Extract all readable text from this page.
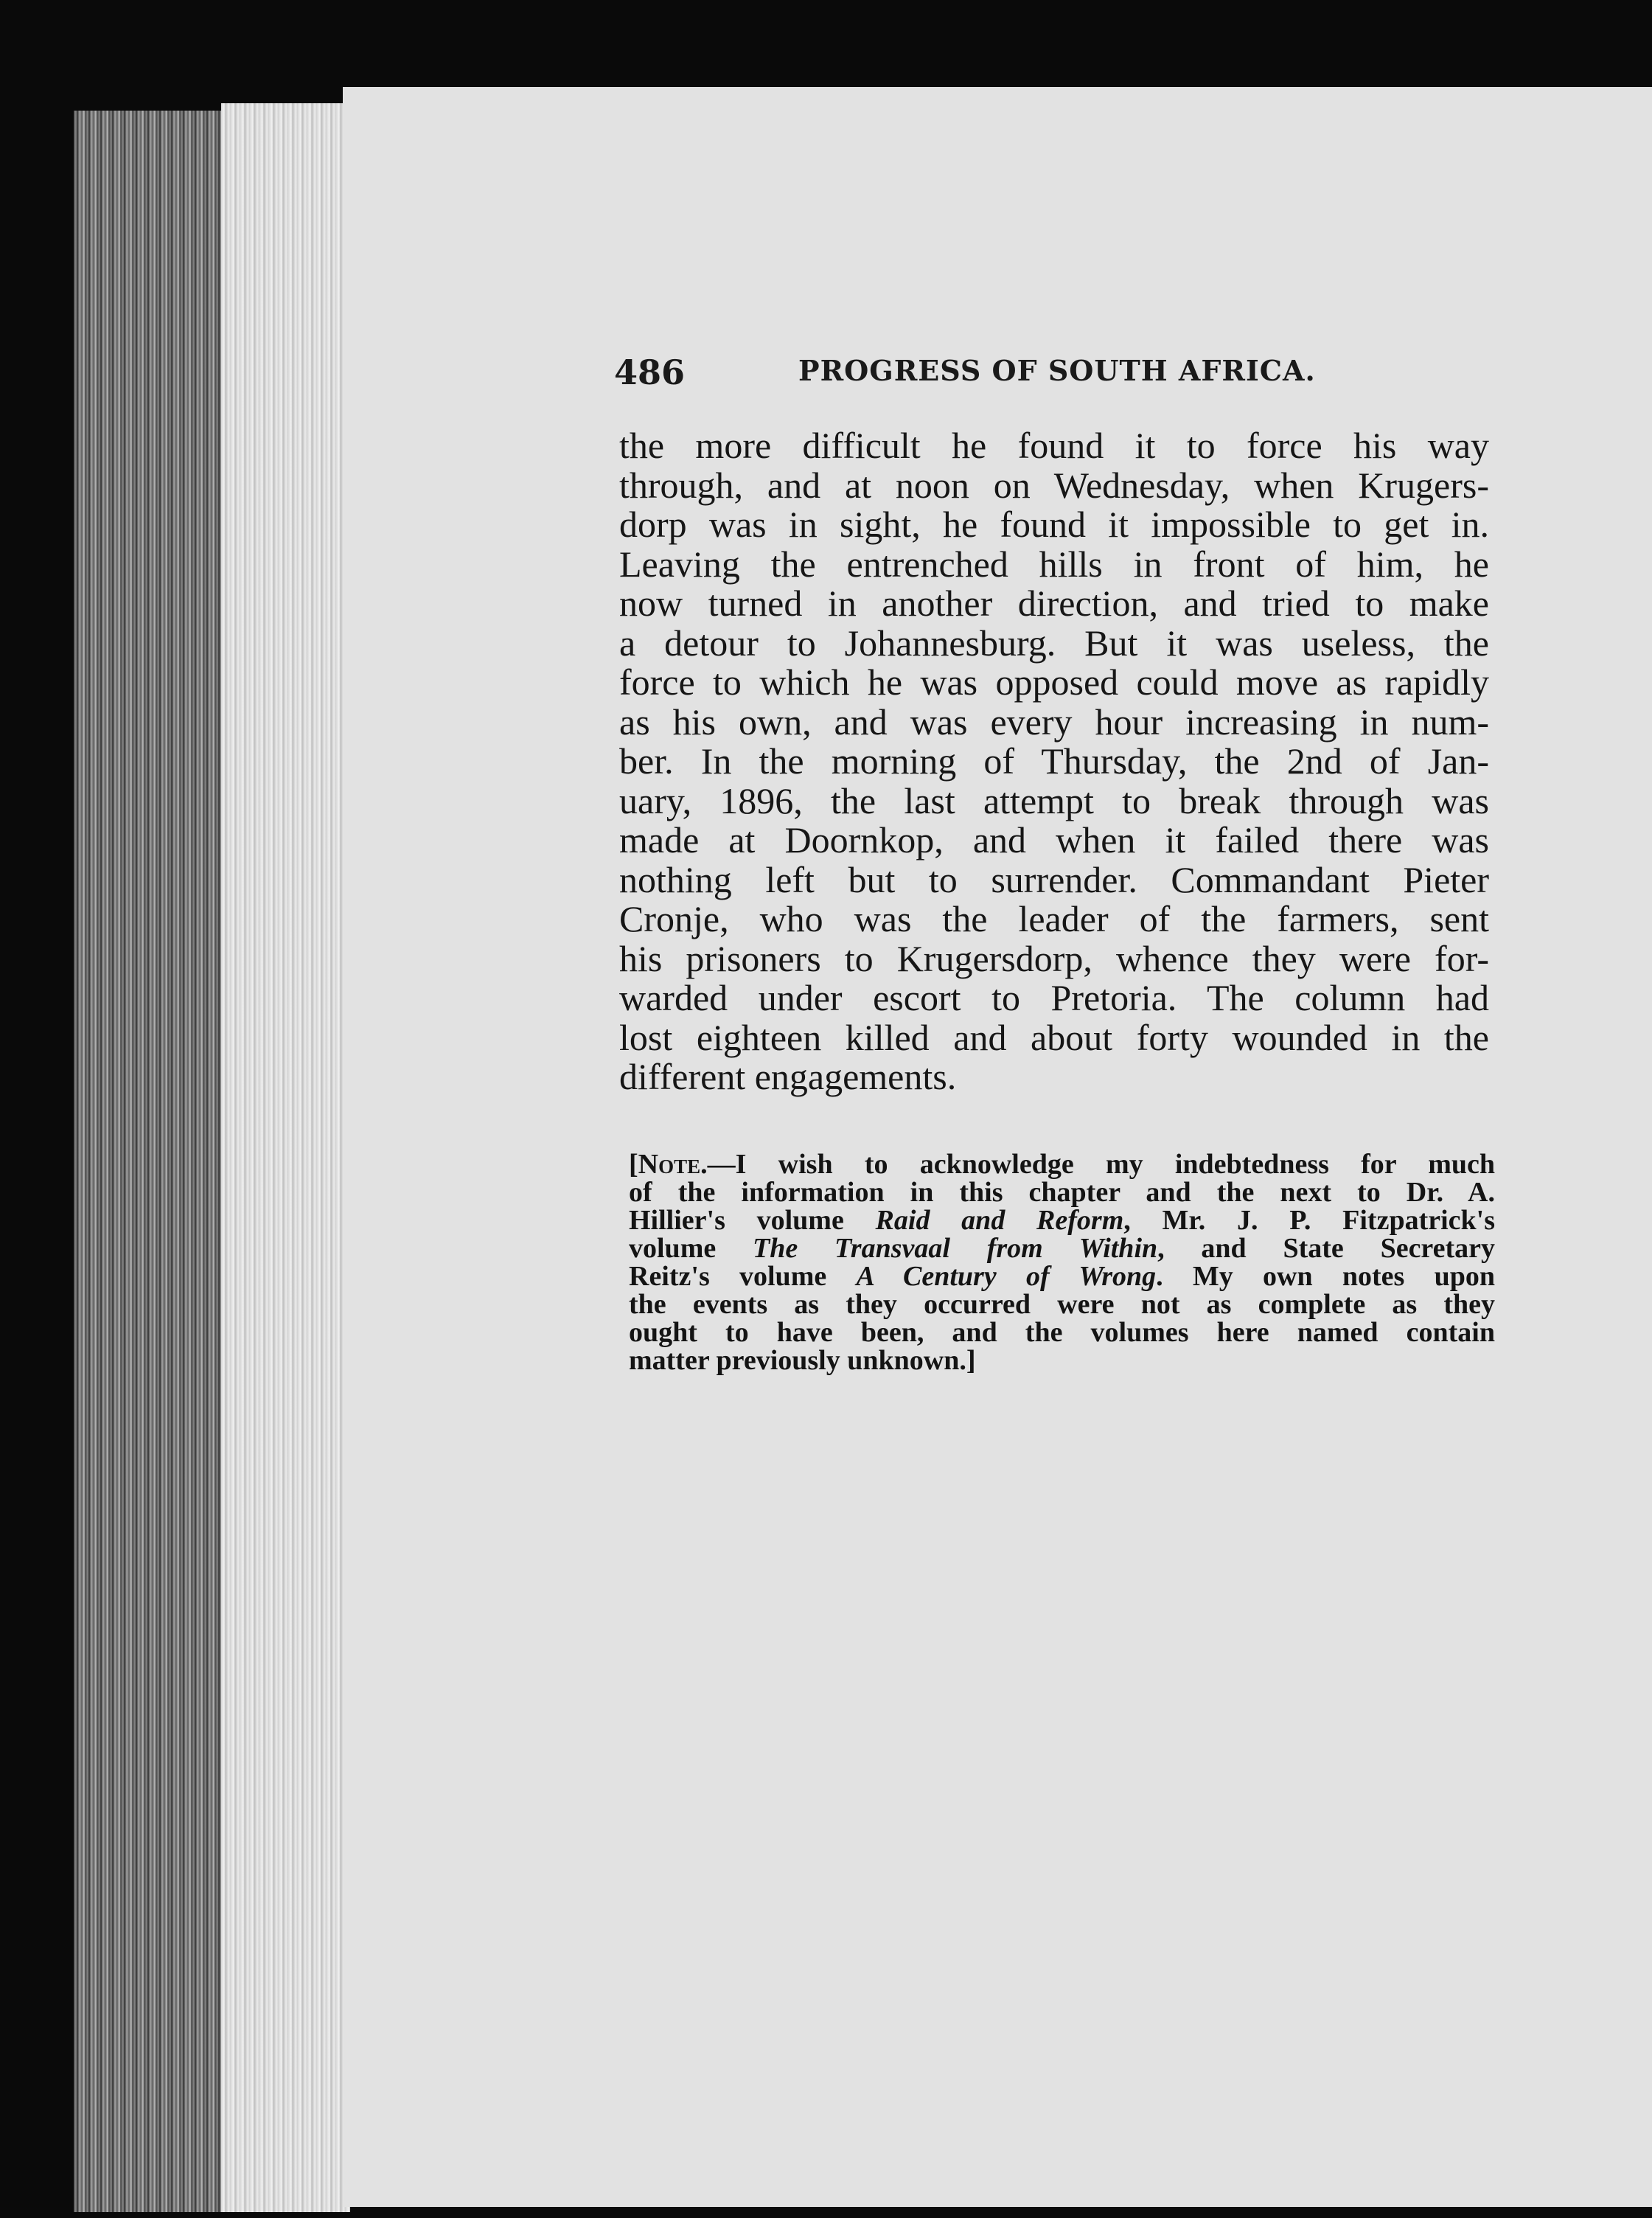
486	PROGRESS OF SOUTH AFRICA.
the more difficult he found it to force his way
through, and at noon on Wednesday, when Krugers-
dorp was in sight, he found it impossible to get in.
Leaving the entrenched hills in front of him, he
now turned in another direction, and tried to make
a detour to Johannesburg. But it was useless, the
force to which he was opposed could move as rapidly
as his own, and was every hour increasing in num-
ber. In the morning of Thursday, the 2nd of Jan-
uary, 1896, the last attempt to break through was
made at Doornkop, and when it failed there was
nothing left but to surrender. Commandant Pieter
Cronje, who was the leader of the farmers, sent
his prisoners to Krugersdorp, whence they were for-
warded under escort to Pretoria. The column had
lost eighteen killed and about forty wounded in the
different engagements.
[Note.—I wish to acknowledge my indebtedness for much
of the information in this chapter and the next to Dr. A.
Hillier's volume Raid and Reform, Mr. J. P. Fitzpatrick's
volume The Transvaal from Within, and State Secretary
Reitz's volume A Century of Wrong. My own notes upon
the events as they occurred were not as complete as they
ought to have been, and the volumes here named contain
matter previously unknown.]
